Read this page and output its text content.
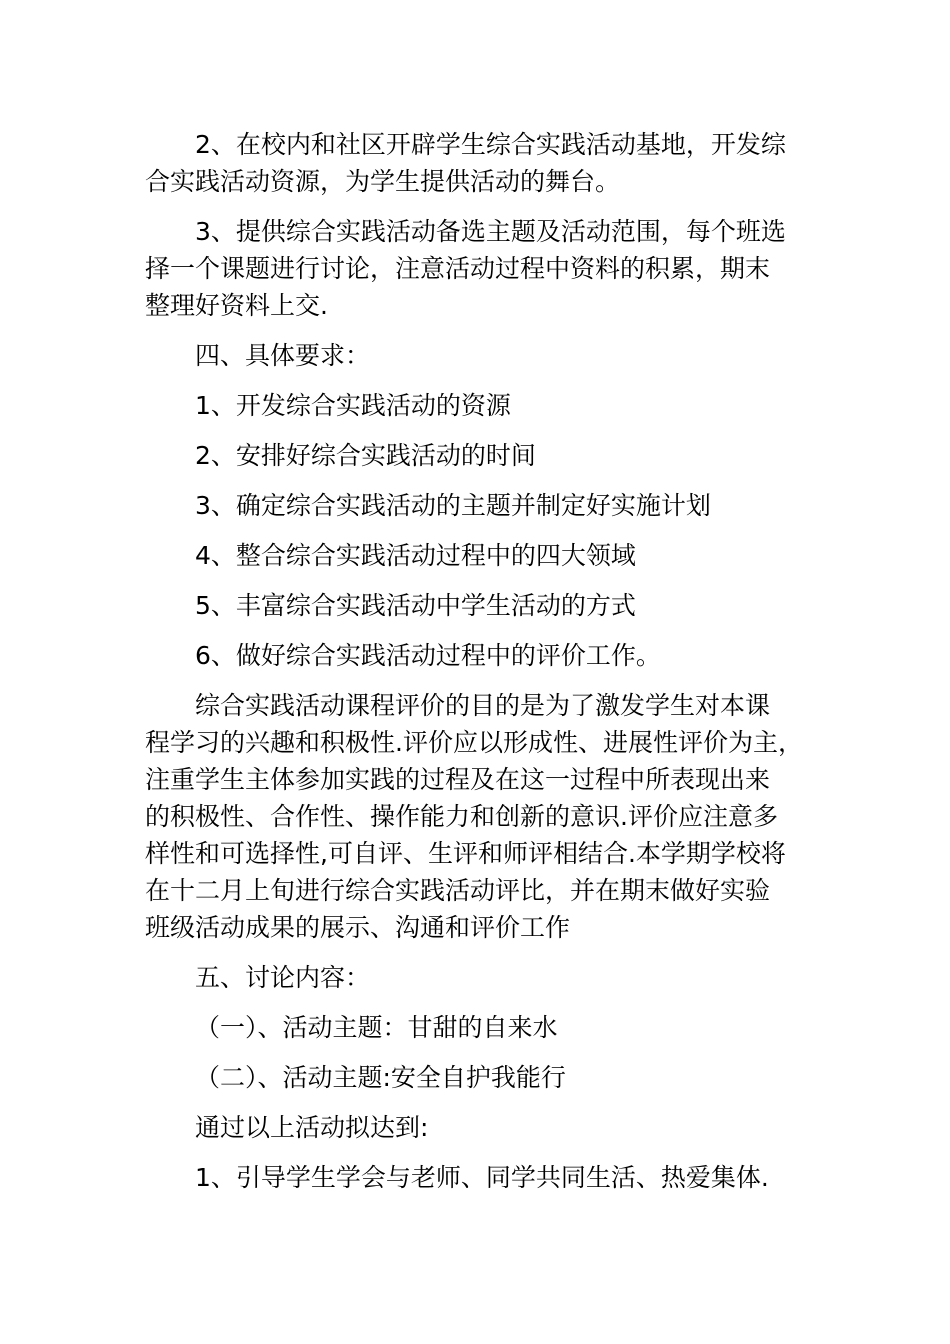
2、在校内和社区开辟学生综合实践活动基地，开发综
合实践活动资源，为学生提供活动的舞台。

3、提供综合实践活动备选主题及活动范围，每个班选
择一个课题进行讨论，注意活动过程中资料的积累，期末
整理好资料上交.

四、具体要求：

1、开发综合实践活动的资源

2、安排好综合实践活动的时间

3、确定综合实践活动的主题并制定好实施计划

4、整合综合实践活动过程中的四大领域

5、丰富综合实践活动中学生活动的方式

6、做好综合实践活动过程中的评价工作。

综合实践活动课程评价的目的是为了激发学生对本课
程学习的兴趣和积极性.评价应以形成性、进展性评价为主，
注重学生主体参加实践的过程及在这一过程中所表现出来
的积极性、合作性、操作能力和创新的意识.评价应注意多
样性和可选择性,可自评、生评和师评相结合.本学期学校将
在十二月上旬进行综合实践活动评比，并在期末做好实验
班级活动成果的展示、沟通和评价工作

五、讨论内容：

（一）、活动主题：甘甜的自来水

（二）、活动主题:安全自护我能行

通过以上活动拟达到:

1、引导学生学会与老师、同学共同生活、热爱集体.
